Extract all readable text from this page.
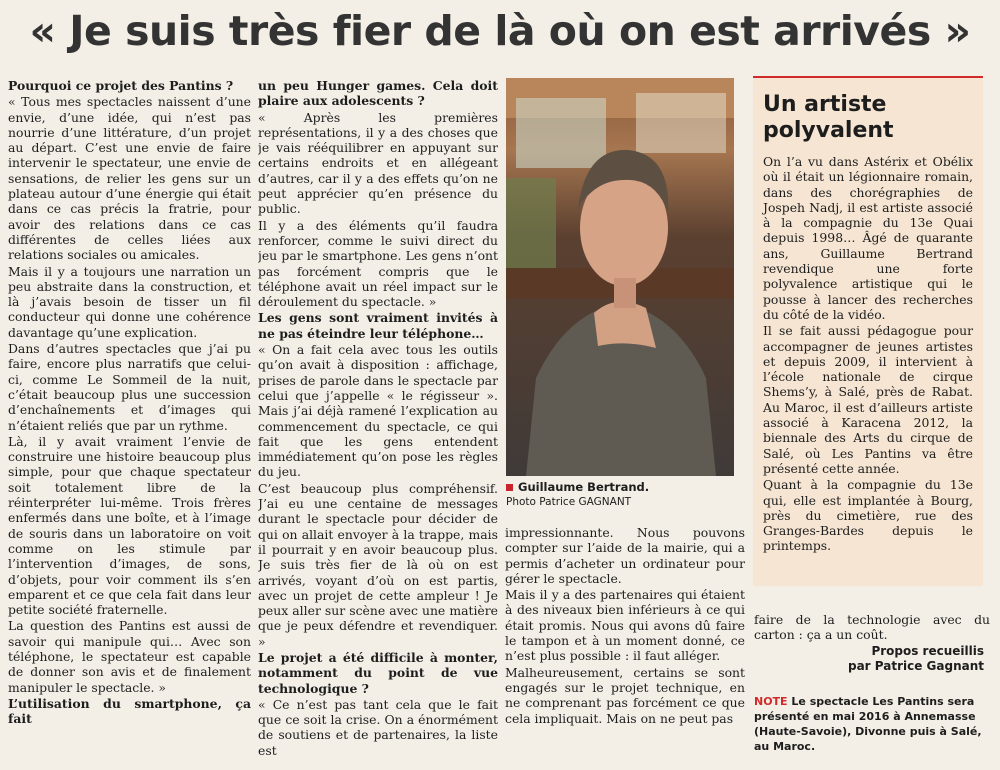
« Je suis très fier de là où on est arrivés »

Pourquoi ce projet des Pantins ?

« Tous mes spectacles naissent d’une envie, d’une idée, qui n’est pas nourrie d’une littérature, d’un projet au départ. C’est une envie de faire intervenir le spectateur, une envie de sensations, de relier les gens sur un plateau autour d’une énergie qui était dans ce cas précis la fratrie, pour avoir des relations dans ce cas différentes de celles liées aux relations sociales ou amicales.

Mais il y a toujours une narration un peu abstraite dans la construction, et là j’avais besoin de tisser un fil conducteur qui donne une cohérence davantage qu’une explication.

Dans d’autres spectacles que j’ai pu faire, encore plus narratifs que celui-ci, comme Le Sommeil de la nuit, c’était beaucoup plus une succession d’enchaînements et d’images qui n’étaient reliés que par un rythme.

Là, il y avait vraiment l’envie de construire une histoire beaucoup plus simple, pour que chaque spectateur soit totalement libre de la réinterpréter lui-même. Trois frères enfermés dans une boîte, et à l’image de souris dans un laboratoire on voit comme on les stimule par l’intervention d’images, de sons, d’objets, pour voir comment ils s’en emparent et ce que cela fait dans leur petite société fraternelle.

La question des Pantins est aussi de savoir qui manipule qui… Avec son téléphone, le spectateur est capable de donner son avis et de finalement manipuler le spectacle. »

L’utilisation du smartphone, ça fait

un peu Hunger games. Cela doit plaire aux adolescents ?

« Après les premières représentations, il y a des choses que je vais rééquilibrer en appuyant sur certains endroits et en allégeant d’autres, car il y a des effets qu’on ne peut apprécier qu’en présence du public.

Il y a des éléments qu’il faudra renforcer, comme le suivi direct du jeu par le smartphone. Les gens n’ont pas forcément compris que le téléphone avait un réel impact sur le déroulement du spectacle. »

Les gens sont vraiment invités à ne pas éteindre leur téléphone…

« On a fait cela avec tous les outils qu’on avait à disposition : affichage, prises de parole dans le spectacle par celui que j’appelle « le régisseur ». Mais j’ai déjà ramené l’explication au commencement du spectacle, ce qui fait que les gens entendent immédiatement qu’on pose les règles du jeu.

C’est beaucoup plus compréhensif. J’ai eu une centaine de messages durant le spectacle pour décider de qui on allait envoyer à la trappe, mais il pourrait y en avoir beaucoup plus. Je suis très fier de là où on est arrivés, voyant d’où on est partis, avec un projet de cette ampleur ! Je peux aller sur scène avec une matière que je peux défendre et revendiquer. »

Le projet a été difficile à monter, notamment du point de vue technologique ?

« Ce n’est pas tant cela que le fait que ce soit la crise. On a énormément de soutiens et de partenaires, la liste est

Guillaume Bertrand.
Photo Patrice GAGNANT

impressionnante. Nous pouvons compter sur l’aide de la mairie, qui a permis d’acheter un ordinateur pour gérer le spectacle.

Mais il y a des partenaires qui étaient à des niveaux bien inférieurs à ce qui était promis. Nous qui avons dû faire le tampon et à un moment donné, ce n’est plus possible : il faut alléger.

Malheureusement, certains se sont engagés sur le projet technique, en ne comprenant pas forcément ce que cela impliquait. Mais on ne peut pas

Un artiste polyvalent

On l’a vu dans Astérix et Obélix où il était un légionnaire romain, dans des chorégraphies de Jospeh Nadj, il est artiste associé à la compagnie du 13e Quai depuis 1998… Âgé de quarante ans, Guillaume Bertrand revendique une forte polyvalence artistique qui le pousse à lancer des recherches du côté de la vidéo.

Il se fait aussi pédagogue pour accompagner de jeunes artistes et depuis 2009, il intervient à l’école nationale de cirque Shems’y, à Salé, près de Rabat. Au Maroc, il est d’ailleurs artiste associé à Karacena 2012, la biennale des Arts du cirque de Salé, où Les Pantins va être présenté cette année.

Quant à la compagnie du 13e qui, elle est implantée à Bourg, près du cimetière, rue des Granges-Bardes depuis le printemps.

faire de la technologie avec du carton : ça a un coût.

Propos recueillis
par Patrice Gagnant
NOTE Le spectacle Les Pantins sera présenté en mai 2016 à Annemasse (Haute-Savoie), Divonne puis à Salé, au Maroc.
